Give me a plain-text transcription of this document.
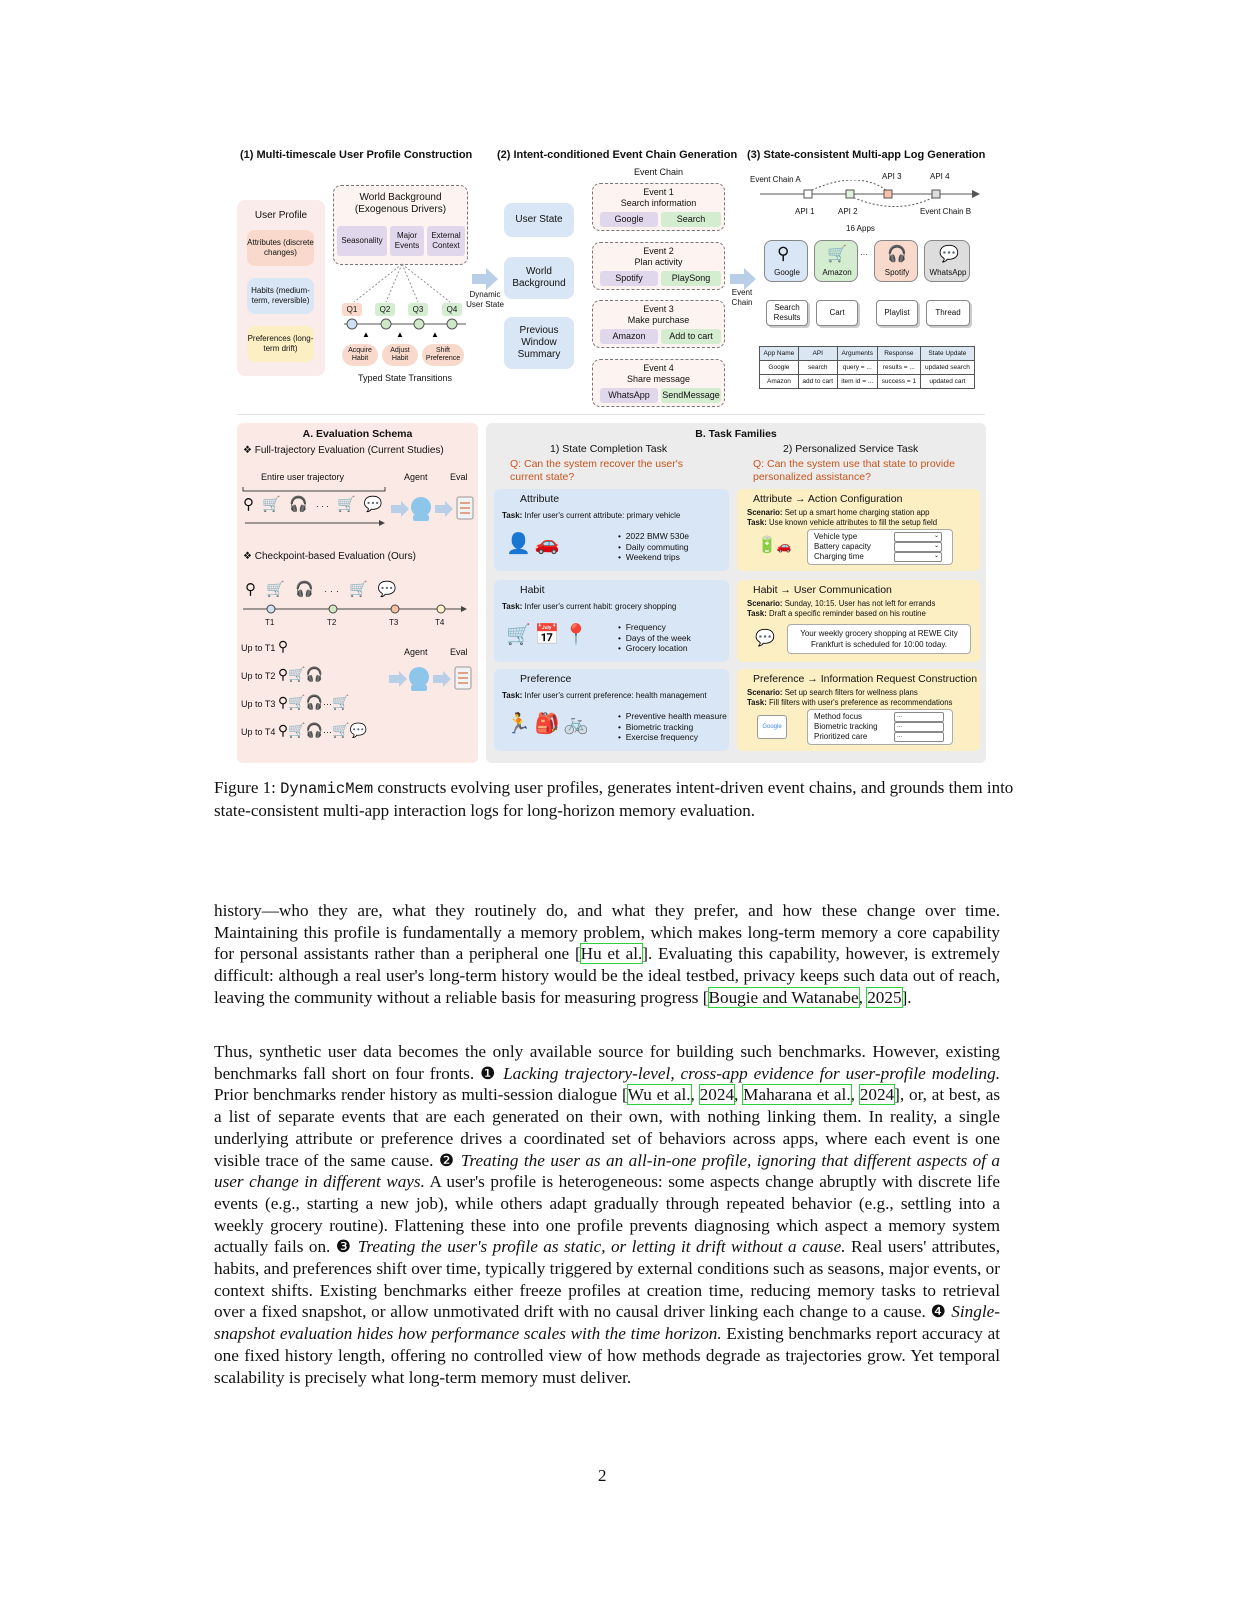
(1) Multi-timescale User Profile Construction (2) Intent-conditioned Event Chain Generation (3) State-consistent Multi-app Log Generation
User Profile
Attributes (discrete changes)
Habits (medium-term, reversible)
Preferences (long-term drift)
World Background (Exogenous Drivers)
Seasonality
Major Events
External Context
Q1	Q2	Q3	Q4
▲	▲	▲
Acquire Habit
Adjust Habit
Shift Preference
Typed State Transitions
Dynamic User State
User State
World Background
Previous Window Summary
Event Chain
Event 1
Search information
Google	Search
Event 2
Plan activity
Spotify	PlaySong
Event 3
Make purchase
Amazon	Add to cart
Event 4
Share message
WhatsApp	SendMessage
Event Chain
Event Chain A
Event Chain B
API 1	API 2
API 3	API 4
16 Apps
⚲
Google
🛒
Amazon
··· 🎧
Spotify
💬
WhatsApp
Search Results
Cart	Playlist	Thread
App Name	API	Arguments	Response	State Update
Google	search	query = ...	results = ...	updated search
Amazon	add to cart	item id = ...	success = 1	updated cart
A. Evaluation Schema
❖ Full-trajectory Evaluation (Current Studies)
Entire user trajectory	Agent Eval
⚲ 🛒 🎧 ··· 🛒 💬
❖ Checkpoint-based Evaluation (Ours)
⚲ 🛒 🎧 ··· 🛒 💬
T1	T2	T3	T4
Agent Eval
Up to T1 ⚲
Up to T2 ⚲🛒🎧
Up to T3 ⚲🛒🎧···🛒
Up to T4 ⚲🛒🎧···🛒💬
B. Task Families
1) State Completion Task	2) Personalized Service Task
Q: Can the system recover the user's current state?
Q: Can the system use that state to provide personalized assistance?
Attribute
Task: Infer user's current attribute: primary vehicle
👤 🚗	•  2022 BMW 530e
•  Daily commuting
•  Weekend trips
Habit
Task: Infer user's current habit: grocery shopping
🛒 📅 📍	•  Frequency
•  Days of the week
•  Grocery location
Preference
Task: Infer user's current preference: health management
🏃 🎒 🚲	•  Preventive health measure
•  Biometric tracking
•  Exercise frequency
Attribute → Action Configuration
Scenario: Set up a smart home charging station app
Task: Use known vehicle attributes to fill the setup field
🔋🚗
Vehicle type	⌄
Battery capacity	⌄
Charging time	⌄
Habit → User Communication
Scenario: Sunday, 10:15. User has not left for errands
Task: Draft a specific reminder based on his routine
💬	Your weekly grocery shopping at REWE City Frankfurt is scheduled for 10:00 today.
Preference → Information Request Construction
Scenario: Set up search filters for wellness plans
Task: Fill filters with user's preference as recommendations
Google
Method focus	...
Biometric tracking	...
Prioritized care	...
Figure 1: DynamicMem constructs evolving user profiles, generates intent-driven event chains, and grounds them into state-consistent multi-app interaction logs for long-horizon memory evaluation.
history—who they are, what they routinely do, and what they prefer, and how these change over time. Maintaining this profile is fundamentally a memory problem, which makes long-term memory a core capability for personal assistants rather than a peripheral one [Hu et al.]. Evaluating this capability, however, is extremely difficult: although a real user's long-term history would be the ideal testbed, privacy keeps such data out of reach, leaving the community without a reliable basis for measuring progress [Bougie and Watanabe, 2025].
Thus, synthetic user data becomes the only available source for building such benchmarks. However, existing benchmarks fall short on four fronts. ❶ Lacking trajectory-level, cross-app evidence for user-profile modeling. Prior benchmarks render history as multi-session dialogue [Wu et al., 2024, Maharana et al., 2024], or, at best, as a list of separate events that are each generated on their own, with nothing linking them. In reality, a single underlying attribute or preference drives a coordinated set of behaviors across apps, where each event is one visible trace of the same cause. ❷ Treating the user as an all-in-one profile, ignoring that different aspects of a user change in different ways. A user's profile is heterogeneous: some aspects change abruptly with discrete life events (e.g., starting a new job), while others adapt gradually through repeated behavior (e.g., settling into a weekly grocery routine). Flattening these into one profile prevents diagnosing which aspect a memory system actually fails on. ❸ Treating the user's profile as static, or letting it drift without a cause. Real users' attributes, habits, and preferences shift over time, typically triggered by external conditions such as seasons, major events, or context shifts. Existing benchmarks either freeze profiles at creation time, reducing memory tasks to retrieval over a fixed snapshot, or allow unmotivated drift with no causal driver linking each change to a cause. ❹ Single-snapshot evaluation hides how performance scales with the time horizon. Existing benchmarks report accuracy at one fixed history length, offering no controlled view of how methods degrade as trajectories grow. Yet temporal scalability is precisely what long-term memory must deliver.
2
